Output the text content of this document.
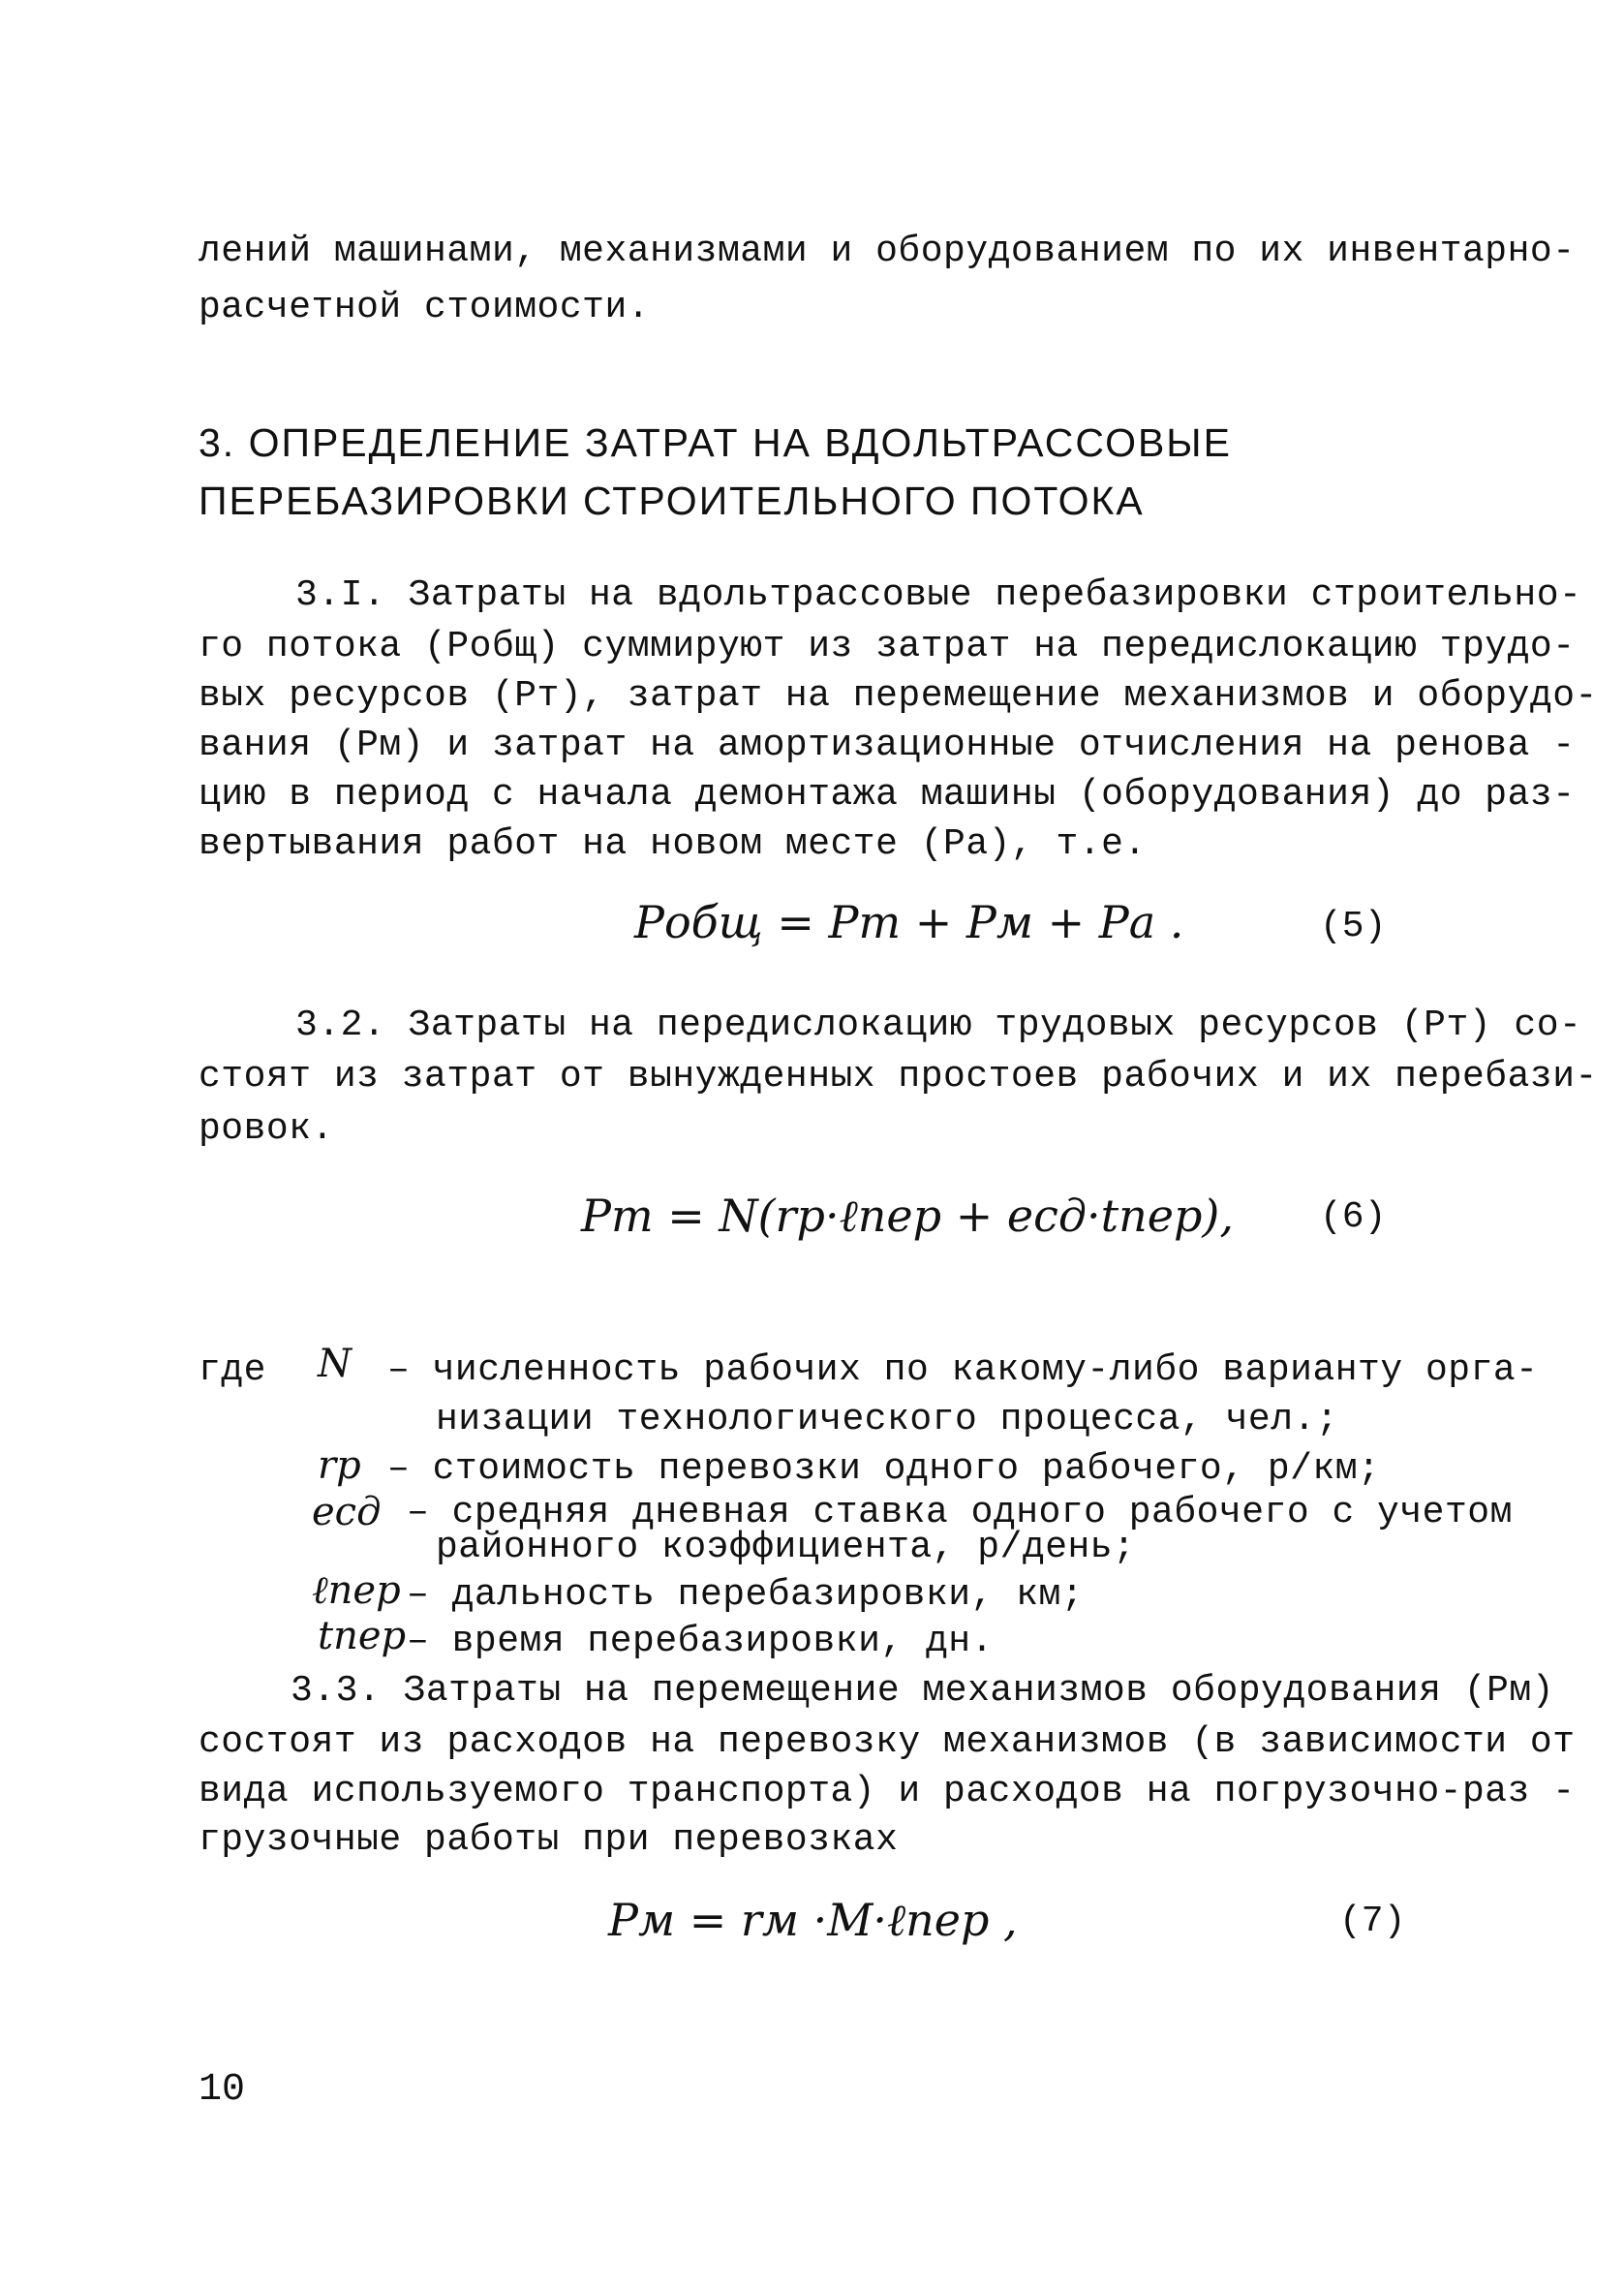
лений машинами, механизмами и оборудованием по их инвентарно-
расчетной стоимости.
3. ОПРЕДЕЛЕНИЕ ЗАТРАТ НА ВДОЛЬТРАССОВЫЕ
ПЕРЕБАЗИРОВКИ СТРОИТЕЛЬНОГО ПОТОКА
3.I. Затраты на вдольтрассовые перебазировки строительно-
го потока (Pобщ) суммируют из затрат на передислокацию трудо-
вых ресурсов (Pт), затрат на перемещение механизмов и оборудо-
вания (Pм) и затрат на амортизационные отчисления на ренова -
цию в период с начала демонтажа машины (оборудования) до раз-
вертывания работ на новом месте (Pа), т.е.
Pобщ = Pт + Pм + Pа .	(5)
3.2. Затраты на передислокацию трудовых ресурсов (Pт) со-
стоят из затрат от вынужденных простоев рабочих и их перебази-
ровок.
Pт = N(rр·ℓпер + ecд·tпер), (6)
где N – численность рабочих по какому-либо варианту орга-
низации технологического процесса, чел.;
rр – стоимость перевозки одного рабочего, р/км;
ecд – средняя дневная ставка одного рабочего с учетом
районного коэффициента, р/день;
ℓпер – дальность перебазировки, км;
tпер – время перебазировки, дн.
3.3. Затраты на перемещение механизмов оборудования (Pм)
состоят из расходов на перевозку механизмов (в зависимости от
вида используемого транспорта) и расходов на погрузочно-раз -
грузочные работы при перевозках
Pм = rм ·M·ℓпер ,	(7)
10
